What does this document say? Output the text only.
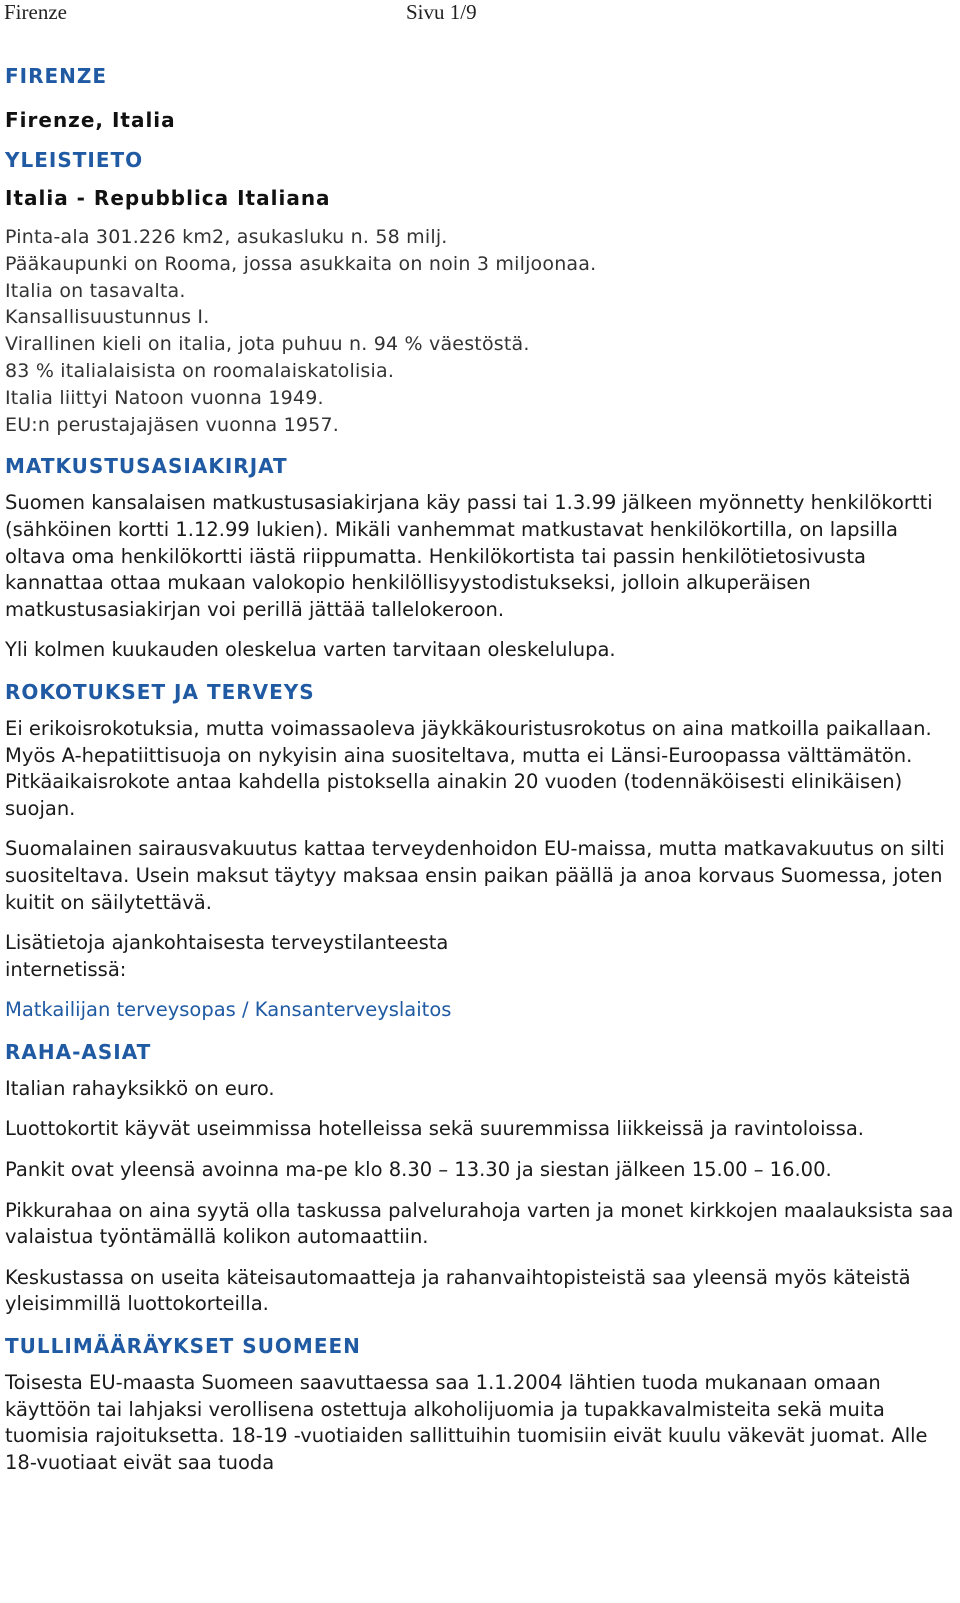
Firenze	Sivu 1/9
FIRENZE
Firenze, Italia
YLEISTIETO
Italia - Repubblica Italiana
Pinta-ala 301.226 km2, asukasluku n. 58 milj.
Pääkaupunki on Rooma, jossa asukkaita on noin 3 miljoonaa.
Italia on tasavalta.
Kansallisuustunnus I.
Virallinen kieli on italia, jota puhuu n. 94 % väestöstä.
83 % italialaisista on roomalaiskatolisia.
Italia liittyi Natoon vuonna 1949.
EU:n perustajajäsen vuonna 1957.
MATKUSTUSASIAKIRJAT

Suomen kansalaisen matkustusasiakirjana käy passi tai 1.3.99 jälkeen myönnetty henkilökortti (sähköinen kortti 1.12.99 lukien). Mikäli vanhemmat matkustavat henkilökortilla, on lapsilla oltava oma henkilökortti iästä riippumatta. Henkilökortista tai passin henkilötietosivusta kannattaa ottaa mukaan valokopio henkilöllisyystodistukseksi, jolloin alkuperäisen matkustusasiakirjan voi perillä jättää tallelokeroon.

Yli kolmen kuukauden oleskelua varten tarvitaan oleskelulupa.

ROKOTUKSET JA TERVEYS

Ei erikoisrokotuksia, mutta voimassaoleva jäykkäkouristusrokotus on aina matkoilla paikallaan. Myös A-hepatiittisuoja on nykyisin aina suositeltava, mutta ei Länsi-Euroopassa välttämätön. Pitkäaikaisrokote antaa kahdella pistoksella ainakin 20 vuoden (todennäköisesti elinikäisen) suojan.

Suomalainen sairausvakuutus kattaa terveydenhoidon EU-maissa, mutta matkavakuutus on silti suositeltava. Usein maksut täytyy maksaa ensin paikan päällä ja anoa korvaus Suomessa, joten kuitit on säilytettävä.

Lisätietoja ajankohtaisesta terveystilanteesta
internetissä:

Matkailijan terveysopas / Kansanterveyslaitos
RAHA-ASIAT

Italian rahayksikkö on euro.

Luottokortit käyvät useimmissa hotelleissa sekä suuremmissa liikkeissä ja ravintoloissa.

Pankit ovat yleensä avoinna ma-pe klo 8.30 – 13.30 ja siestan jälkeen 15.00 – 16.00.

Pikkurahaa on aina syytä olla taskussa palvelurahoja varten ja monet kirkkojen maalauksista saa valaistua työntämällä kolikon automaattiin.

Keskustassa on useita käteisautomaatteja ja rahanvaihtopisteistä saa yleensä myös käteistä yleisimmillä luottokorteilla.

TULLIMÄÄRÄYKSET SUOMEEN

Toisesta EU-maasta Suomeen saavuttaessa saa 1.1.2004 lähtien tuoda mukanaan omaan käyttöön tai lahjaksi verollisena ostettuja alkoholijuomia ja tupakkavalmisteita sekä muita tuomisia rajoituksetta. 18-19 -vuotiaiden sallittuihin tuomisiin eivät kuulu väkevät juomat. Alle 18-vuotiaat eivät saa tuoda
